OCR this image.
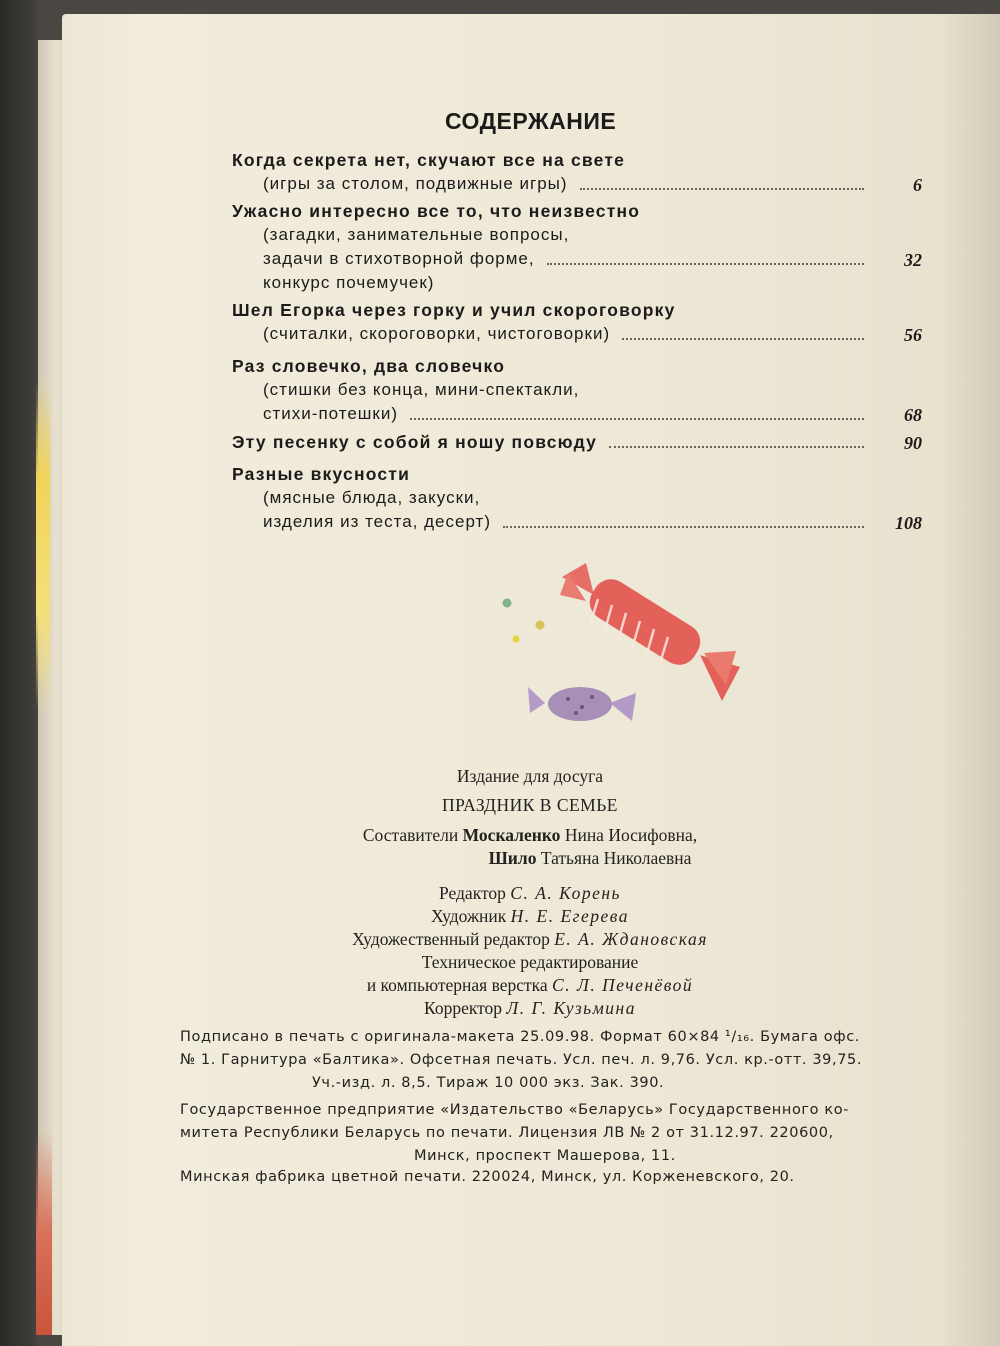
СОДЕРЖАНИЕ
Когда секрета нет, скучают все на свете
(игры за столом, подвижные игры)	6
Ужасно интересно все то, что неизвестно
(загадки, занимательные вопросы,
задачи в стихотворной форме,	32
конкурс почемучек)
Шел Егорка через горку и учил скороговорку
(считалки, скороговорки, чистоговорки)	56
Раз словечко, два словечко
(стишки без конца, мини-спектакли,
стихи-потешки)	68
Эту песенку с собой я ношу повсюду	90
Разные вкусности
(мясные блюда, закуски,
изделия из теста, десерт)	108
Издание для досуга
ПРАЗДНИК В СЕМЬЕ
Составители Москаленко Нина Иосифовна,
Шило Татьяна Николаевна
Редактор С. А. Корень
Художник Н. Е. Егерева
Художественный редактор Е. А. Ждановская
Техническое редактирование
и компьютерная верстка С. Л. Печенёвой
Корректор Л. Г. Кузьмина
Подписано в печать с оригинала-макета 25.09.98. Формат 60×84 ¹/₁₆. Бумага офс.
№ 1. Гарнитура «Балтика». Офсетная печать. Усл. печ. л. 9,76. Усл. кр.-отт. 39,75.
Уч.-изд. л. 8,5. Тираж 10 000 экз. Зак. 390.
Государственное предприятие «Издательство «Беларусь» Государственного ко-
митета Республики Беларусь по печати. Лицензия ЛВ № 2 от 31.12.97. 220600,
Минск, проспект Машерова, 11.
Минская фабрика цветной печати. 220024, Минск, ул. Корженевского, 20.
